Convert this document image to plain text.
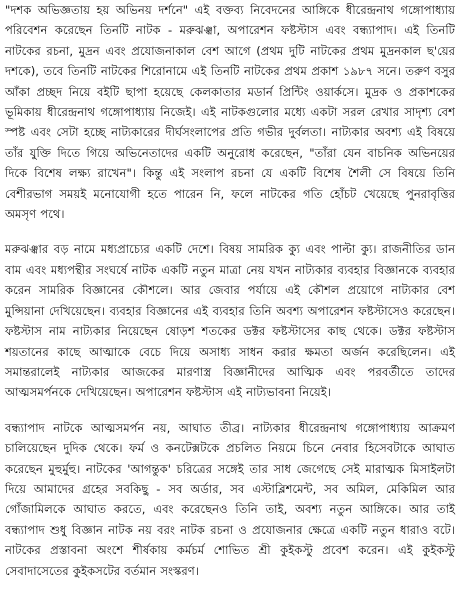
"দশক অভিজ্ঞতায় হয় অভিনয় দর্শনে" এই বক্তব্য নিবেদনের আঙ্গিকে ধীরেন্দ্রনাথ গঙ্গোপাধ্যায় পরিবেশন করেছেন তিনটি নাটক - মরুঝঞ্ঝা, অপারেশন ফষ্টস্টাস এবং বন্ধ্যাপাদ। এই তিনটি নাটকের রচনা, মুদ্রন এবং প্রযোজনাকাল বেশ আগে (প্রথম দুটি নাটকের প্রথম মুদ্রনকাল ছ'য়ের দশকে), তবে তিনটি নাটকের শিরোনামে এই তিনটি নাটকের প্রথম প্রকাশ ১৯৮৭ সনে। তরুণ বসুর আঁকা প্রচ্ছদ নিয়ে বইটি ছাপা হয়েছে কেলকাতার মডার্ন প্রিন্টিং ওয়ার্কসে। মুদ্রক ও প্রকাশকের ভূমিকায় ধীরেন্দ্রনাথ গঙ্গোপাধ্যায় নিজেই। এই নাটকগুলোর মধ্যে একটা সরল রেখার সাদৃশ্য বেশ স্পষ্ট এবং সেটা হচ্ছে নাট্যকারের দীর্ঘসংলাপের প্রতি গভীর দুর্বলতা। নাট্যকার অবশ্য এই বিষয়ে তাঁর যুক্তি দিতে গিয়ে অভিনেতাদের একটি অনুরোধ করেছেন, "তাঁরা যেন বাচনিক অভিনয়ের দিকে বিশেষ লক্ষ্য রাখেন"। কিন্তু এই সংলাপ রচনা যে একটি বিশেষ শৈলী সে বিষয়ে তিনি বেশীরভাগ সময়ই মনোযোগী হতে পারেন নি, ফলে নাটকের গতি হোঁচট খেয়েছে পুনরাবৃত্তির অমসৃণ পথে।

মরুঝঞ্ঝার বড় নামে মধ্যপ্রাচ্যের একটি দেশে। বিষয় সামরিক ক্যু এবং পাল্টা ক্যু। রাজনীতির ডান বাম এবং মধ্যপন্থীর সংঘর্ষে নাটক একটি নতুন মাত্রা নেয় যখন নাট্যকার ব্যবহার বিজ্ঞানকে ব্যবহার করেন সামরিক বিজ্ঞানের কৌশলে। আর জেবার পর্যায়ে এই কৌশল প্রয়োগে নাট্যকার বেশ মুন্সিয়ানা দেখিয়েছেন। ব্যবহার বিজ্ঞানের এই ব্যবহার তিনি অবশ্য অপারেশন ফষ্টস্টাসেও করেছেন। ফষ্টস্টাস নাম নাট্যকার নিয়েছেন ষোড়শ শতকের ডক্টর ফষ্টস্টাসের কাছ থেকে। ডক্টর ফষ্টস্টাস শয়তানের কাছে আত্মাকে বেচে দিয়ে অসাধ্য সাধন করার ক্ষমতা অর্জন করেছিলেন। এই সমান্তরালেই নাট্যকার আজকের মারণাস্ত্র বিজ্ঞানীদের আত্মিক এবং পরবর্তীতে তাদের আত্মসমর্পনকে দেখিয়েছেন। অপারেশন ফষ্টস্টাস এই নাট্যভাবনা নিয়েই।

বন্ধ্যাপাদ নাটকে আত্মসমর্পন নয়, আঘাত তীব্র। নাট্যকার ধীরেন্দ্রনাথ গঙ্গোপাধ্যায় আক্রমণ চালিয়েছেন দুদিক থেকে। ফর্ম ও কনটেক্সটকে প্রচলিত নিয়মে চিনে নেবার হিসেবটাকে আঘাত করেছেন মুহুর্মুহু। নাটকের 'আগন্তুক' চরিত্রের সঙ্গেই তার সাধ জেগেছে সেই মারাত্মক মিসাইলটা দিয়ে আমাদের গ্রহের সবকিছু - সব অর্ডার, সব এস্টাব্লিশমেন্ট, সব অমিল, মেকিমিল আর গোঁজামিলকে আঘাত করতে, এবং করেছেনও তিনি তাই, অবশ্য নতুন আঙ্গিকে। আর তাই বন্ধ্যাপাদ শুধু বিজ্ঞান নাটক নয় বরং নাটক রচনা ও প্রযোজনার ক্ষেত্রে একটি নতুন ধারাও বটে। নাটকের প্রস্তাবনা অংশে শীর্ষকায় কর্মচর্ম শোভিত শ্রী কুইকস্টু প্রবেশ করেন। এই কুইকস্টু সেবাদাসেতের কুইকসটের বর্তমান সংস্করণ।
